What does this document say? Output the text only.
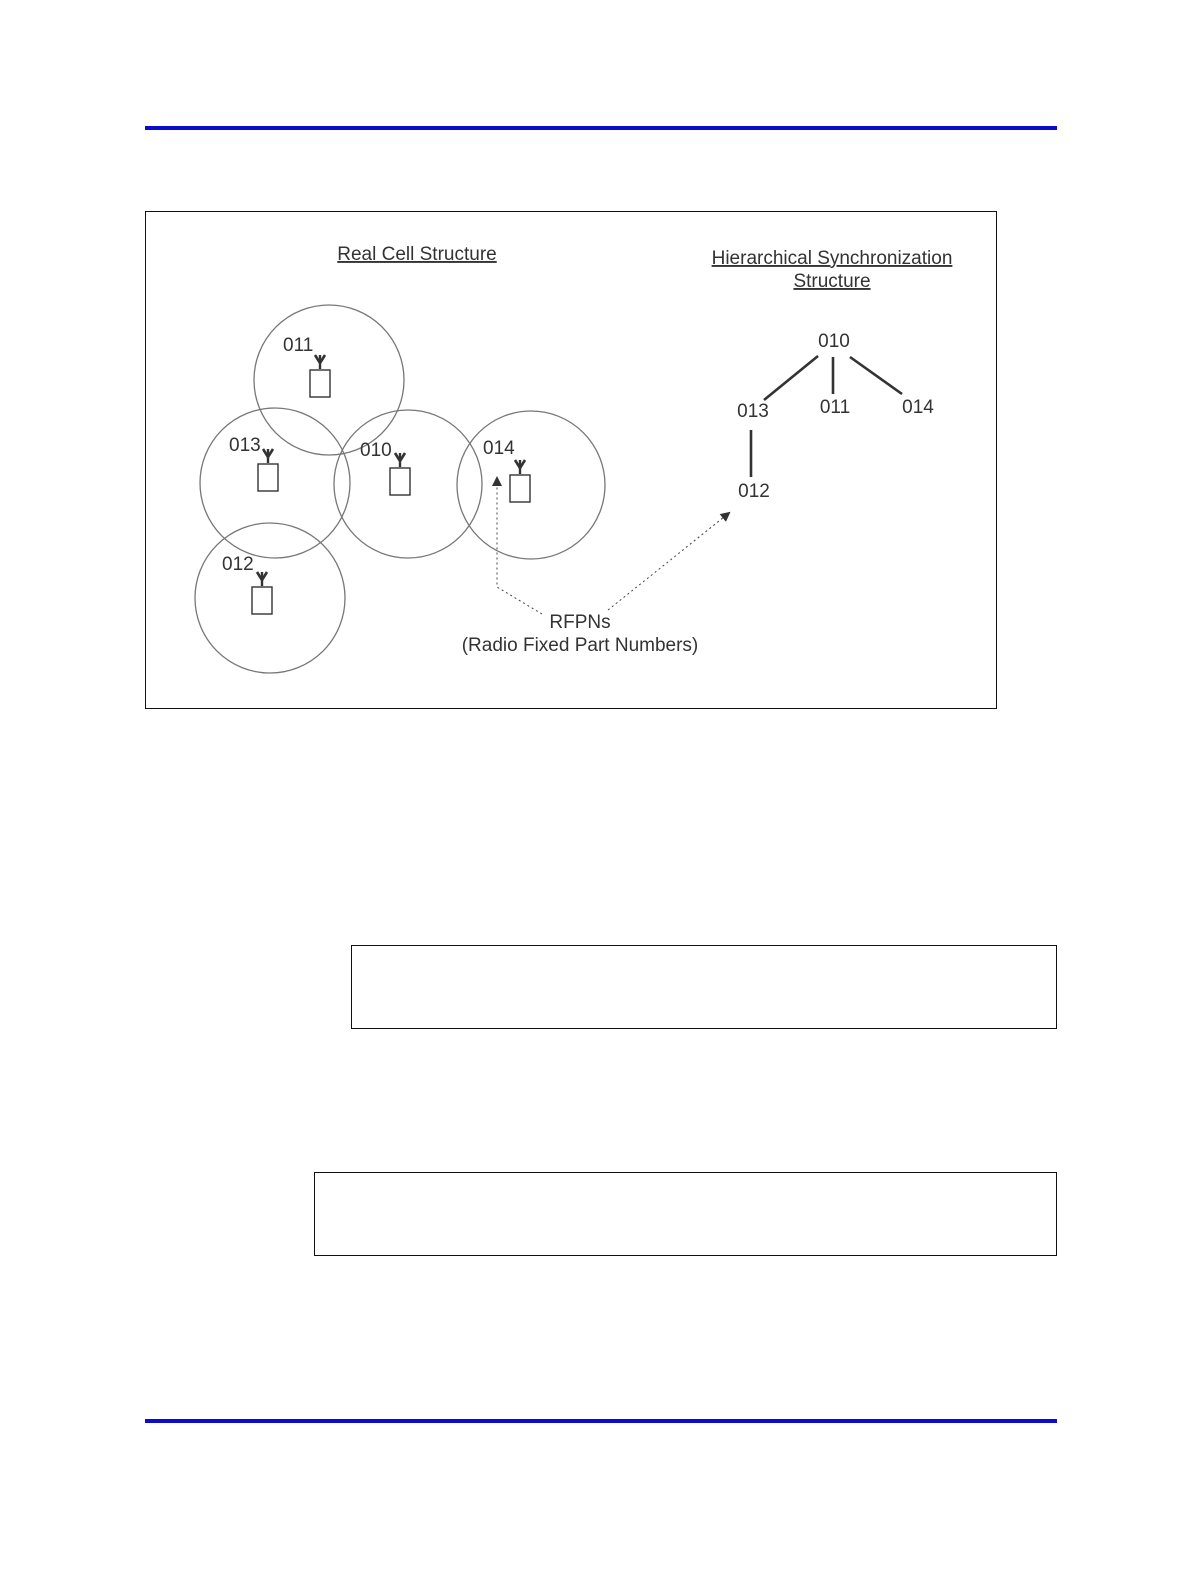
Real Cell Structure	Hierarchical Synchronization
Structure
011
013	010	014
012
010
013	011	014
012
RFPNs
(Radio Fixed Part Numbers)
